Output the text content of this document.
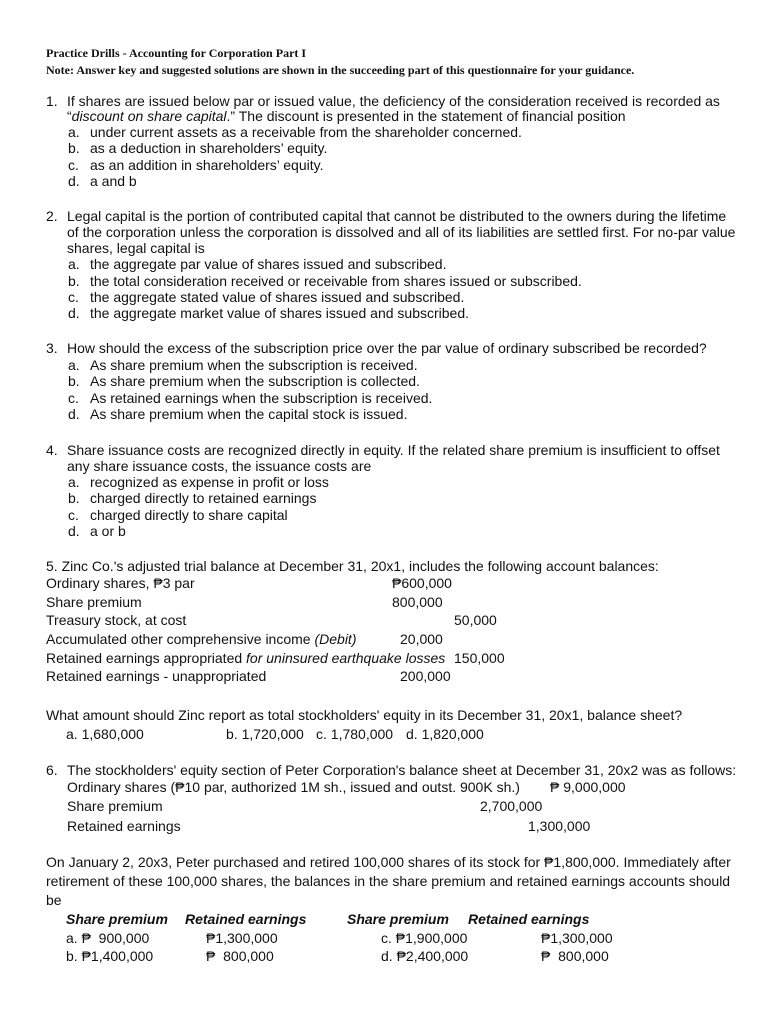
Practice Drills - Accounting for Corporation Part I
Note: Answer key and suggested solutions are shown in the succeeding part of this questionnaire for your guidance.
1. If shares are issued below par or issued value, the deficiency of the consideration received is recorded as
“discount on share capital.” The discount is presented in the statement of financial position
a. under current assets as a receivable from the shareholder concerned.
b. as a deduction in shareholders’ equity.
c. as an addition in shareholders’ equity.
d. a and b
2. Legal capital is the portion of contributed capital that cannot be distributed to the owners during the lifetime
of the corporation unless the corporation is dissolved and all of its liabilities are settled first. For no-par value
shares, legal capital is
a. the aggregate par value of shares issued and subscribed.
b. the total consideration received or receivable from shares issued or subscribed.
c. the aggregate stated value of shares issued and subscribed.
d. the aggregate market value of shares issued and subscribed.
3. How should the excess of the subscription price over the par value of ordinary subscribed be recorded?
a. As share premium when the subscription is received.
b. As share premium when the subscription is collected.
c. As retained earnings when the subscription is received.
d. As share premium when the capital stock is issued.
4. Share issuance costs are recognized directly in equity. If the related share premium is insufficient to offset
any share issuance costs, the issuance costs are
a. recognized as expense in profit or loss
b. charged directly to retained earnings
c. charged directly to share capital
d. a or b
5. Zinc Co.'s adjusted trial balance at December 31, 20x1, includes the following account balances:
Ordinary shares, ₱3 par	₱600,000
Share premium	800,000
Treasury stock, at cost	50,000
Accumulated other comprehensive income (Debit)	20,000
Retained earnings appropriated for uninsured earthquake losses 150,000
Retained earnings - unappropriated	200,000
What amount should Zinc report as total stockholders' equity in its December 31, 20x1, balance sheet?
a. 1,680,000	b. 1,720,000 c. 1,780,000 d. 1,820,000
6. The stockholders' equity section of Peter Corporation's balance sheet at December 31, 20x2 was as follows:
Ordinary shares (₱10 par, authorized 1M sh., issued and outst. 900K sh.) ₱ 9,000,000
Share premium	2,700,000
Retained earnings	1,300,000
On January 2, 20x3, Peter purchased and retired 100,000 shares of its stock for ₱1,800,000. Immediately after
retirement of these 100,000 shares, the balances in the share premium and retained earnings accounts should
be
Share premium Retained earnings	Share premium Retained earnings
a. ₱  900,000	₱1,300,000	c. ₱1,900,000	₱1,300,000
b. ₱1,400,000	₱  800,000	d. ₱2,400,000	₱  800,000
